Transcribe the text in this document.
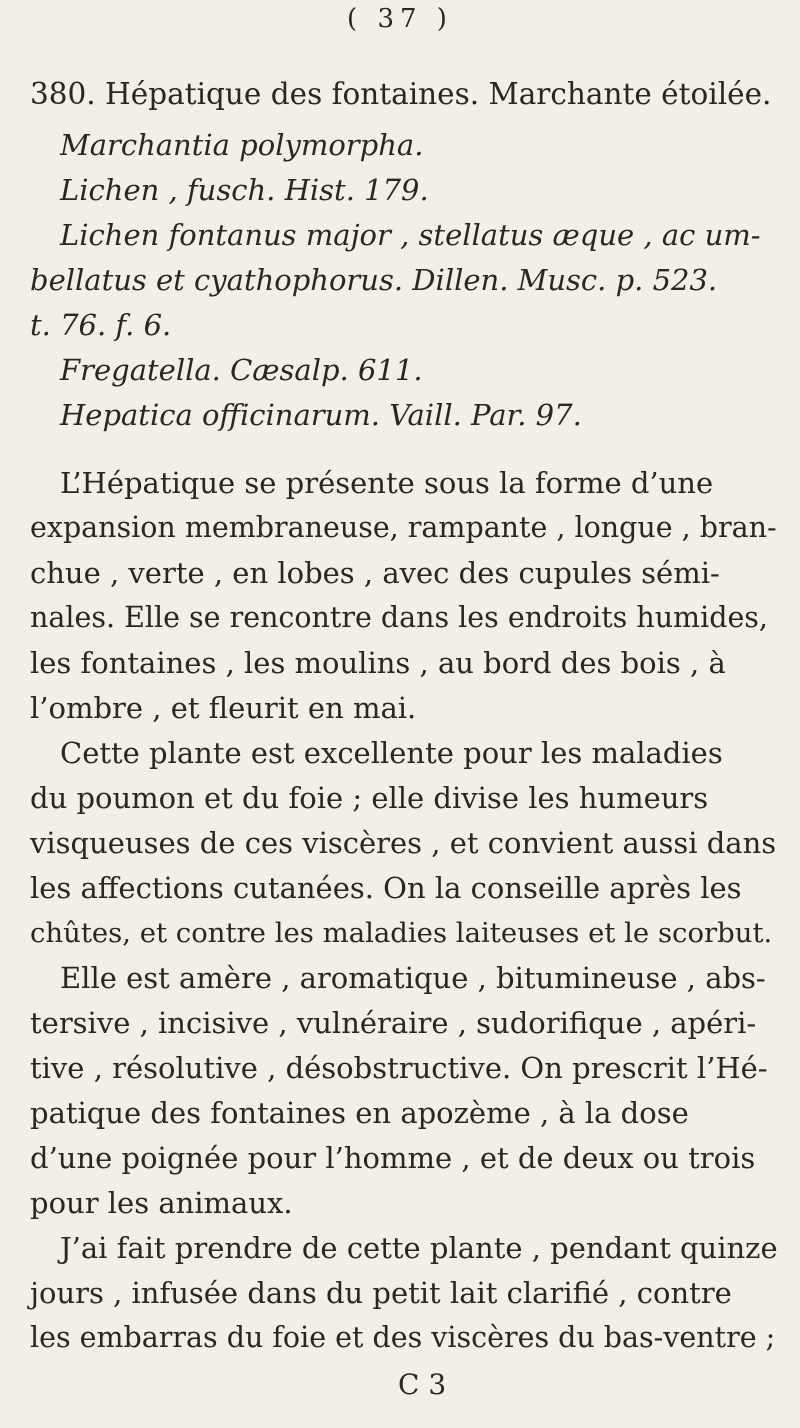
( 37 )
380. Hépatique des fontaines. Marchante étoilée.
Marchantia polymorpha.
Lichen , fusch. Hist. 179.
Lichen fontanus major , stellatus æque , ac um-
bellatus et cyathophorus. Dillen. Musc. p. 523.
t. 76. f. 6.
Fregatella. Cæsalp. 611.
Hepatica officinarum. Vaill. Par. 97.
L’Hépatique se présente sous la forme d’une
expansion membraneuse, rampante , longue , bran-
chue , verte , en lobes , avec des cupules sémi-
nales. Elle se rencontre dans les endroits humides,
les fontaines , les moulins , au bord des bois , à
l’ombre , et fleurit en mai.
Cette plante est excellente pour les maladies
du poumon et du foie ; elle divise les humeurs
visqueuses de ces viscères , et convient aussi dans
les affections cutanées. On la conseille après les
chûtes, et contre les maladies laiteuses et le scorbut.
Elle est amère , aromatique , bitumineuse , abs-
tersive , incisive , vulnéraire , sudorifique , apéri-
tive , résolutive , désobstructive. On prescrit l’Hé-
patique des fontaines en apozème , à la dose
d’une poignée pour l’homme , et de deux ou trois
pour les animaux.
J’ai fait prendre de cette plante , pendant quinze
jours , infusée dans du petit lait clarifié , contre
les embarras du foie et des viscères du bas-ventre ;
C 3
